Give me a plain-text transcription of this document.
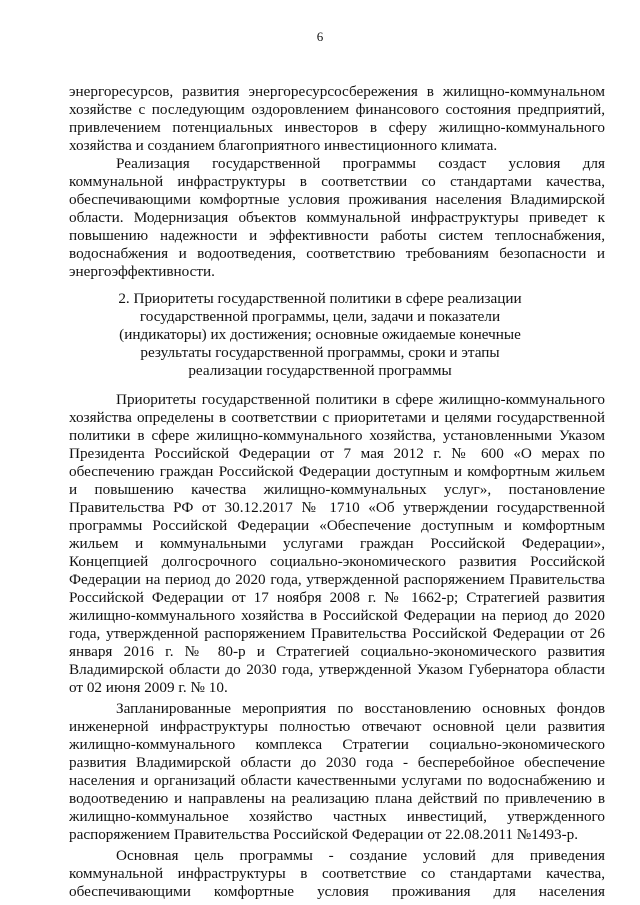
6
энергоресурсов, развития энергоресурсосбережения в жилищно-коммунальном
хозяйстве с последующим оздоровлением финансового состояния предприятий,
привлечением потенциальных инвесторов в сферу жилищно-коммунального
хозяйства и созданием благоприятного инвестиционного климата.
Реализация государственной программы создаст условия для
коммунальной инфраструктуры в соответствии со стандартами качества,
обеспечивающими комфортные условия проживания населения Владимирской
области. Модернизация объектов коммунальной инфраструктуры приведет к
повышению надежности и эффективности работы систем теплоснабжения,
водоснабжения и водоотведения, соответствию требованиям безопасности и
энергоэффективности.
2. Приоритеты государственной политики в сфере реализации
государственной программы, цели, задачи и показатели
(индикаторы) их достижения; основные ожидаемые конечные
результаты государственной программы, сроки и этапы
реализации государственной программы
Приоритеты государственной политики в сфере жилищно-коммунального
хозяйства определены в соответствии с приоритетами и целями государственной
политики в сфере жилищно-коммунального хозяйства, установленными Указом
Президента Российской Федерации от 7 мая 2012 г. № 600 «О мерах по
обеспечению граждан Российской Федерации доступным и комфортным жильем
и повышению качества жилищно-коммунальных услуг», постановление
Правительства РФ от 30.12.2017 № 1710 «Об утверждении государственной
программы Российской Федерации «Обеспечение доступным и комфортным
жильем и коммунальными услугами граждан Российской Федерации»,
Концепцией долгосрочного социально-экономического развития Российской
Федерации на период до 2020 года, утвержденной распоряжением Правительства
Российской Федерации от 17 ноября 2008 г. № 1662-р; Стратегией развития
жилищно-коммунального хозяйства в Российской Федерации на период до 2020
года, утвержденной распоряжением Правительства Российской Федерации от 26
января 2016 г. № 80-р и Стратегией социально-экономического развития
Владимирской области до 2030 года, утвержденной Указом Губернатора области
от 02 июня 2009 г. № 10.
Запланированные мероприятия по восстановлению основных фондов
инженерной инфраструктуры полностью отвечают основной цели развития
жилищно-коммунального комплекса Стратегии социально-экономического
развития Владимирской области до 2030 года - бесперебойное обеспечение
населения и организаций области качественными услугами по водоснабжению и
водоотведению и направлены на реализацию плана действий по привлечению в
жилищно-коммунальное хозяйство частных инвестиций, утвержденного
распоряжением Правительства Российской Федерации от 22.08.2011 №1493-р.
Основная цель программы - создание условий для приведения
коммунальной инфраструктуры в соответствие со стандартами качества,
обеспечивающими комфортные условия проживания для населения
